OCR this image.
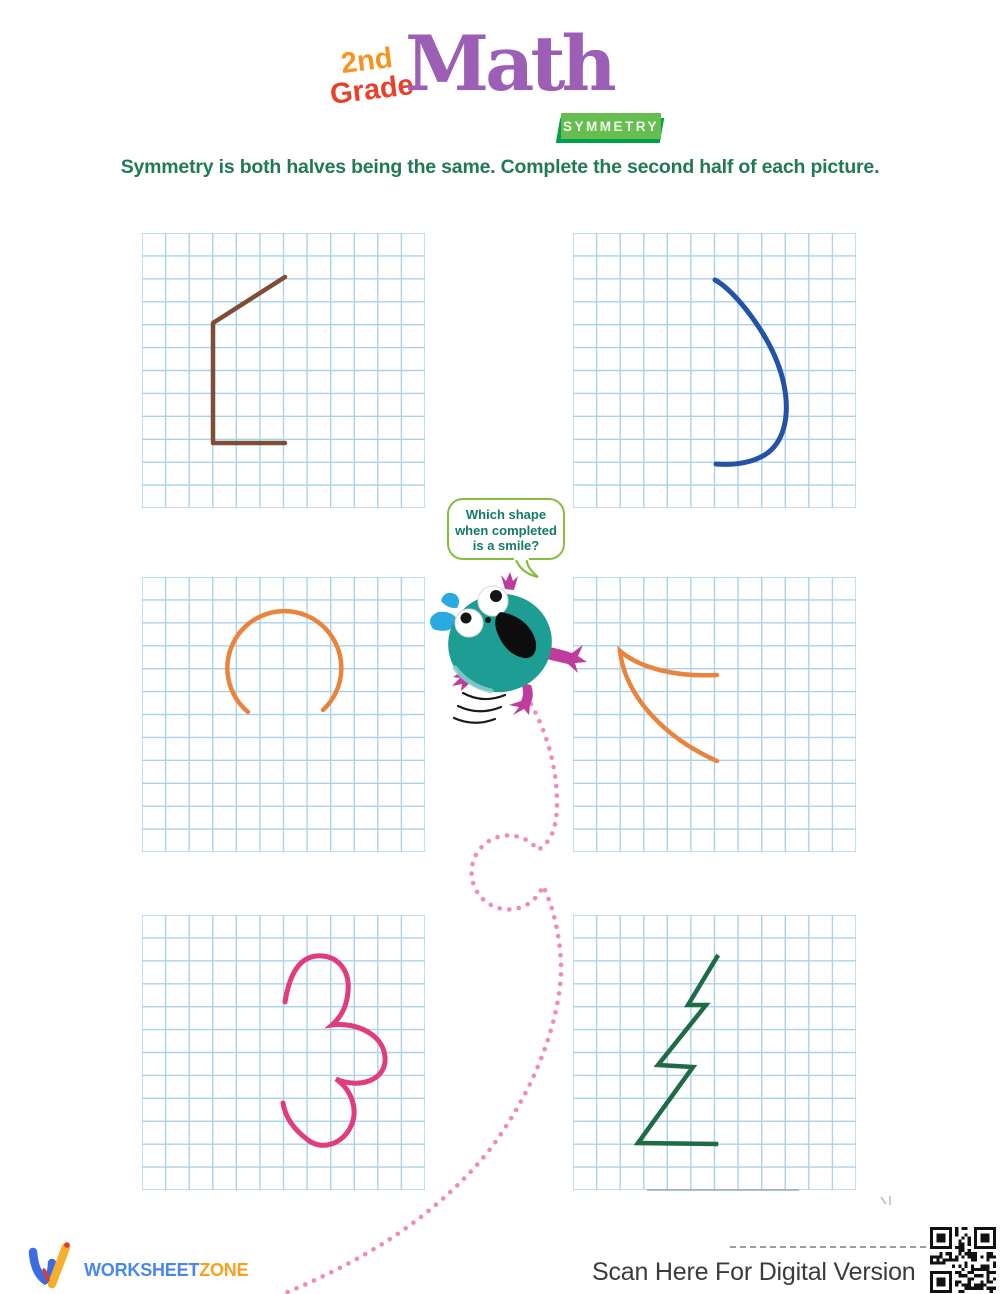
2nd
Grade
Math
SYMMETRY
Symmetry is both halves being the same. Complete the second half of each picture.
Which shape
when completed
is a smile?
WORKSHEETZONE	Scan Here For Digital Version
